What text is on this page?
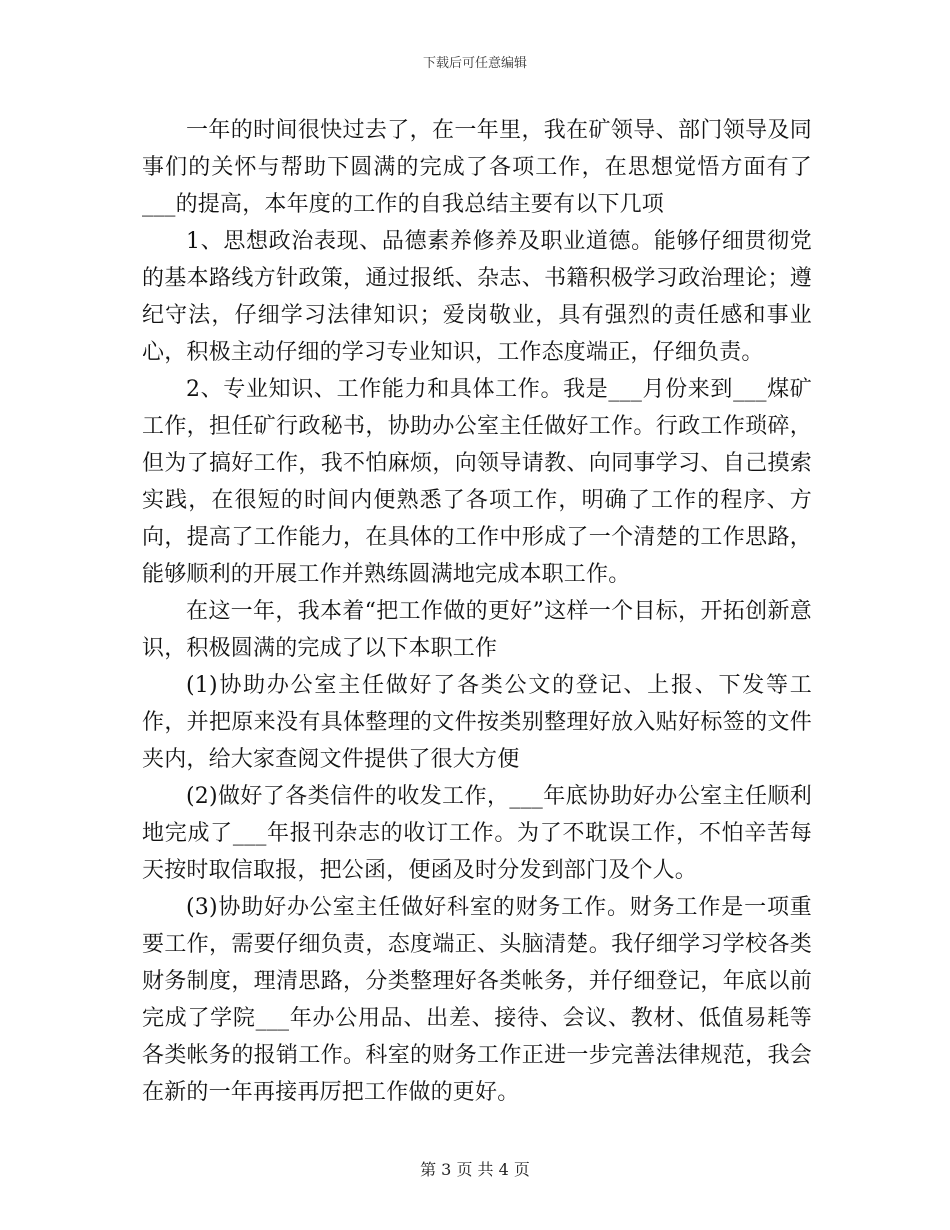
下载后可任意编辑

一年的时间很快过去了，在一年里，我在矿领导、部门领导及同事们的关怀与帮助下圆满的完成了各项工作，在思想觉悟方面有了___的提高，本年度的工作的自我总结主要有以下几项

1、思想政治表现、品德素养修养及职业道德。能够仔细贯彻党的基本路线方针政策，通过报纸、杂志、书籍积极学习政治理论；遵纪守法，仔细学习法律知识；爱岗敬业，具有强烈的责任感和事业心，积极主动仔细的学习专业知识，工作态度端正，仔细负责。

2、专业知识、工作能力和具体工作。我是___月份来到___煤矿工作，担任矿行政秘书，协助办公室主任做好工作。行政工作琐碎，但为了搞好工作，我不怕麻烦，向领导请教、向同事学习、自己摸索实践，在很短的时间内便熟悉了各项工作，明确了工作的程序、方向，提高了工作能力，在具体的工作中形成了一个清楚的工作思路，能够顺利的开展工作并熟练圆满地完成本职工作。

在这一年，我本着“把工作做的更好”这样一个目标，开拓创新意识，积极圆满的完成了以下本职工作

(1)协助办公室主任做好了各类公文的登记、上报、下发等工作，并把原来没有具体整理的文件按类别整理好放入贴好标签的文件夹内，给大家查阅文件提供了很大方便

(2)做好了各类信件的收发工作，___年底协助好办公室主任顺利地完成了___年报刊杂志的收订工作。为了不耽误工作，不怕辛苦每天按时取信取报，把公函，便函及时分发到部门及个人。

(3)协助好办公室主任做好科室的财务工作。财务工作是一项重要工作，需要仔细负责，态度端正、头脑清楚。我仔细学习学校各类财务制度，理清思路，分类整理好各类帐务，并仔细登记，年底以前完成了学院___年办公用品、出差、接待、会议、教材、低值易耗等各类帐务的报销工作。科室的财务工作正进一步完善法律规范，我会在新的一年再接再厉把工作做的更好。

第 3 页 共 4 页
